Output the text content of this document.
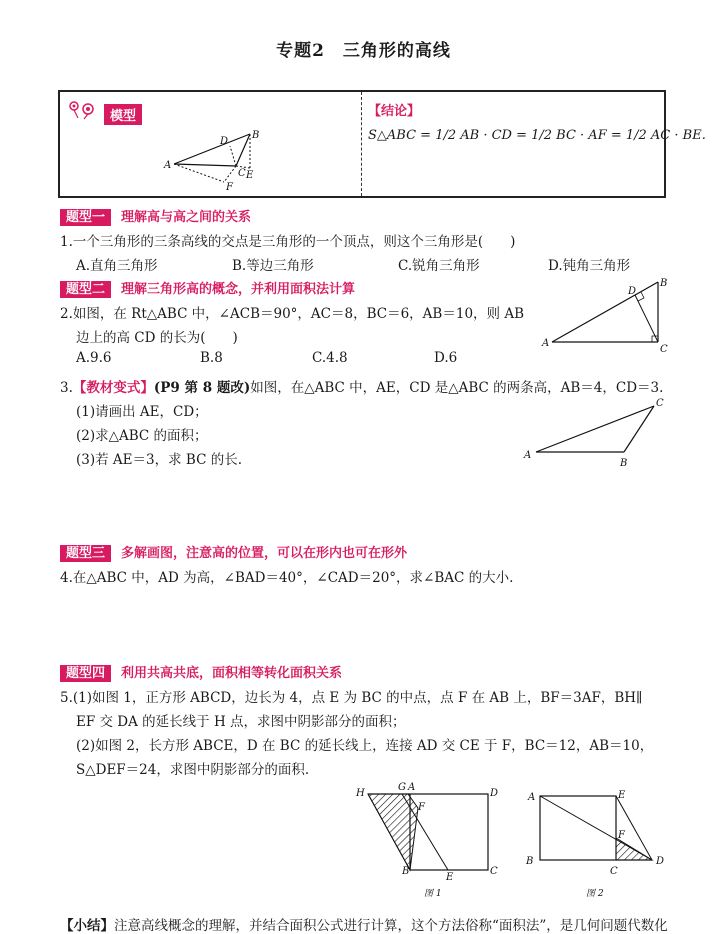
专题2　三角形的高线
模型
A
B
C
D
E
F
【结论】
S△ABC = 1/2 AB · CD = 1/2 BC · AF = 1/2 AC · BE.
题型一 理解高与高之间的关系
1.一个三角形的三条高线的交点是三角形的一个顶点，则这个三角形是(　　)
A.直角三角形	B.等边三角形	C.锐角三角形	D.钝角三角形
题型二 理解三角形高的概念，并利用面积法计算
2.如图，在 Rt△ABC 中，∠ACB＝90°，AC＝8，BC＝6，AB＝10，则 AB
边上的高 CD 的长为(　　)
A.9.6	B.8	C.4.8	D.6
A
B
C
D
3.【教材变式】(P9 第 8 题改)如图，在△ABC 中，AE，CD 是△ABC 的两条高，AB＝4，CD＝3.
(1)请画出 AE，CD；
(2)求△ABC 的面积；
(3)若 AE＝3，求 BC 的长.	A
B
C
题型三 多解画图，注意高的位置，可以在形内也可在形外
4.在△ABC 中，AD 为高，∠BAD＝40°，∠CAD＝20°，求∠BAC 的大小.
题型四 利用共高共底，面积相等转化面积关系
5.(1)如图 1，正方形 ABCD，边长为 4，点 E 为 BC 的中点，点 F 在 AB 上，BF＝3AF，BH∥
EF 交 DA 的延长线于 H 点，求图中阴影部分的面积；
(2)如图 2，长方形 ABCE，D 在 BC 的延长线上，连接 AD 交 CE 于 F，BC＝12，AB＝10，
S△DEF＝24，求图中阴影部分的面积.
H
G A
D
F
B
E
C
图 1
A	E
F
B
C
D
图 2
【小结】注意高线概念的理解，并结合面积公式进行计算，这个方法俗称“面积法”，是几何问题代数化
